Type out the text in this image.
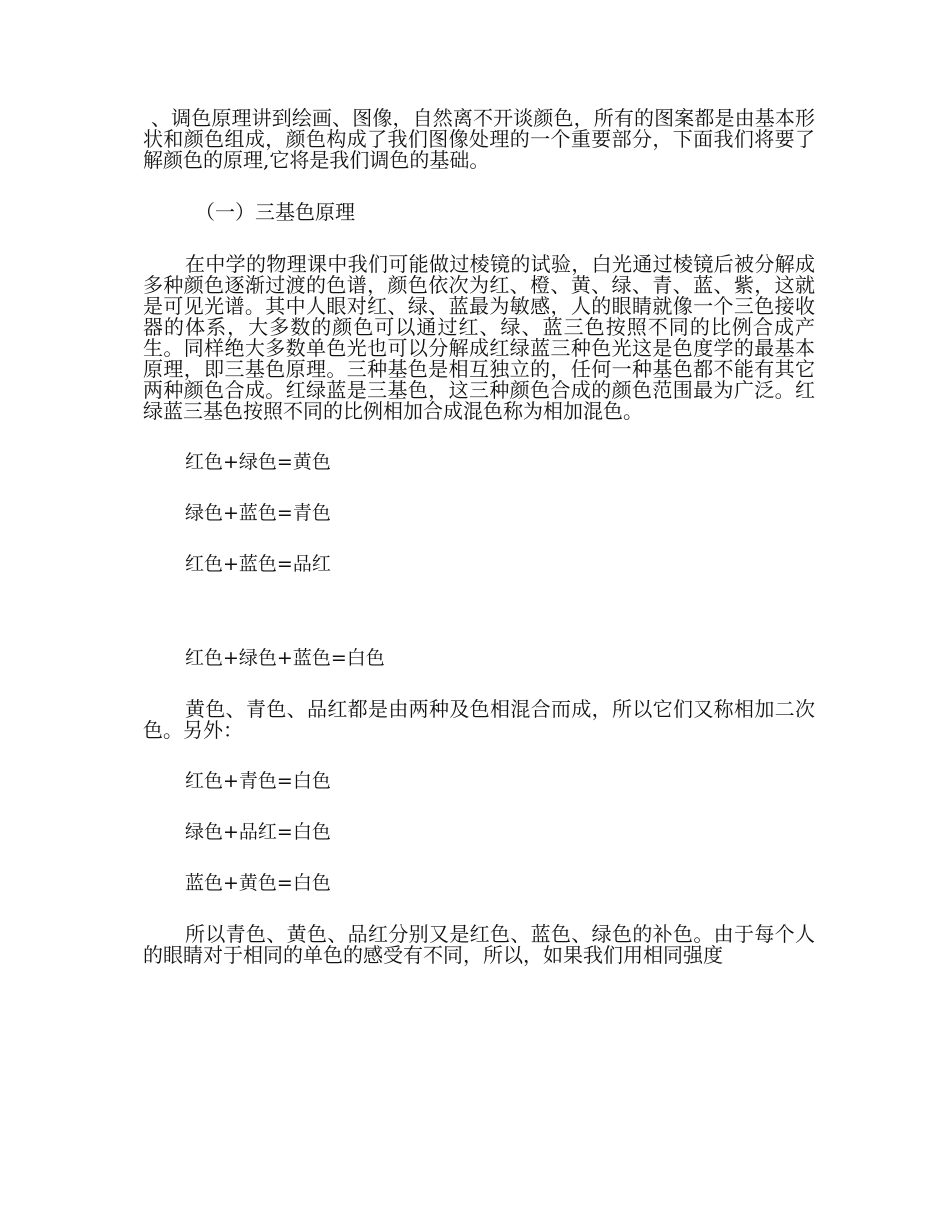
、调色原理讲到绘画、图像，自然离不开谈颜色，所有的图案都是由基本形状和颜色组成，颜色构成了我们图像处理的一个重要部分，下面我们将要了解颜色的原理,它将是我们调色的基础。

（一）三基色原理

在中学的物理课中我们可能做过棱镜的试验，白光通过棱镜后被分解成多种颜色逐渐过渡的色谱，颜色依次为红、橙、黄、绿、青、蓝、紫，这就是可见光谱。其中人眼对红、绿、蓝最为敏感，人的眼睛就像一个三色接收器的体系，大多数的颜色可以通过红、绿、蓝三色按照不同的比例合成产生。同样绝大多数单色光也可以分解成红绿蓝三种色光这是色度学的最基本原理，即三基色原理。三种基色是相互独立的，任何一种基色都不能有其它两种颜色合成。红绿蓝是三基色，这三种颜色合成的颜色范围最为广泛。红绿蓝三基色按照不同的比例相加合成混色称为相加混色。

红色+绿色=黄色

绿色+蓝色=青色

红色+蓝色=品红

红色+绿色+蓝色=白色

黄色、青色、品红都是由两种及色相混合而成，所以它们又称相加二次色。另外：

红色+青色=白色

绿色+品红=白色

蓝色+黄色=白色

所以青色、黄色、品红分别又是红色、蓝色、绿色的补色。由于每个人的眼睛对于相同的单色的感受有不同，所以，如果我们用相同强度
